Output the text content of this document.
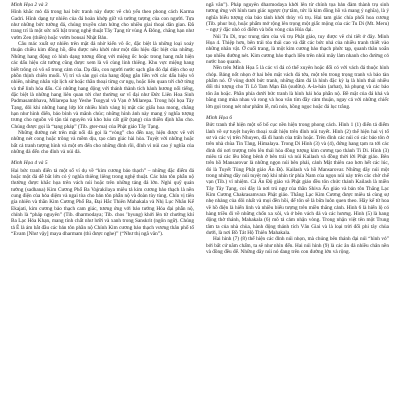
Minh Họa 2 và 3

Hình khắc mỏ đá trong hai bức tranh này được vẽ chủ yếu theo phong cách Karma Gadri. Hình dạng tự nhiên của đá hoàn khớp giữ và tưởng tượng của con người. Tựa như những bức tường đá, chúng truyền cảm hứng cho nhiều giai thoại dân gian. Đã trang trí là một sức nối bật trong nghệ thuật Tây Tạng từ vùng Á Đông, chẳng hạn như vườn Zen (thiền) hoặc vườn bonsai Nhật Bản.

Câu mác xuất sự nhiên trên mặt đá nhờ kiến vô ốc, đặc biệt là những loại xoáy thuận chiều kim đồng hồ, đều được nêu khởi như một dấu hiệu đặc biệt của những. Những hang động có hình dạng tương đồng với miệng ốc hoặc trong hang mắt hiện các dấu hiệu cát tường cũng được xem là vô cùng linh thiêng. Khu vực miệng hang biết trông có vô số trong cảm của. Dạ đấu, con người nước sạch gần đó đại diện cho sự phồn thịnh chiên muối. Vị trí và sàn gọi của hang động gắn liền với các dấu hiệu vô nhiên, những nhân vật lịch sử hoặc thần thoại từng cư ngụ, hoặc liên quan tới chờ từng và thể linh hóa đấu. Có những hang động với thánh thành tích hành hương nổi tiếng, đặc biệt là những hang liên quan tới chư thường sư vĩ đại như Đức Liên Hoa Sinh Padmasambhava, Milarepa hay Yeshe Tsogyal và Vạn ở Milarepa. Trong hội họa Tây Tạng, đôi khi những hang lớp lót nhiều hình vàng bị mặt các giấu hoa mong, chẳng hạn như hình điển, bảo bình và mãnh chúc; những hình ảnh này mang ý nghĩa tượng trưng cho nguồn vô tận tài nguyên và kho báu cất giữ (tạng) của thiền định hầu cho. Chúng được gọi là “tạng pháp” (Tib. gter-ma) của Phật giáo Tây Tạng.

Những đường nét trên mặt nối đá gọi là “vòng” cho đến nay, hiện được vẽ với những nét cong hoặc trông và mềm dịu, tạo cảm giác hài hòa. Tuyệt vời những hoặc bất cả tranh tượng hình và một ơn đến cho những đỉnh rồi, đỉnh vì núi cao ý nghĩa của những đá đến cho đỉnh và núi đá.

Minh Họa 4 và 5

Hai bức tranh điển tả một số ví dụ về “kim cương bảo thạch” – những đặc điểm đá hoặc một đá dễ bắt lớn có ý nghĩa thiêng liêng trong nghệ thuật. Các bản tôn phẫn nộ thường được khắc họa trên vách núi hoặc trên những tảng đá lớn. Nghi quỹ quán tưởng (sadhana) Kim Cương Phổ Ba Vajrakilaya miêu tả kim cương bảo thạch là nền cung điện của hỏa diệm và ngai tòa cho bản tôn phẫn nộ và đoàn tùy tùng. Chín vị tiên gia nhiên và thần Kim Cương Phổ Ba, Đại Hắc Thiên Mahakala và Nhị Lục Nhãn Kế Ekajati, kim cương bảo thạch cam giác, tương ứng với bảo tướng Hóa đại phẫn nộ, chính là “pháp nguyên” (Tib. dharmodaya; Tib. chos ’byung) khởi lên từ chướng khí Ba Lạc Hỏa Khạn, mang tính chất như lưỡi và xanh trong Sanskrit (ngôn ngữ). Chúng tả Ê là ám bắt đầu các bản tôn phần nộ Chính Kim cương bảo thạch vương thân phổ tố “Evam [Như vậy] maya dharmam (thì được nghe)” (“Như thị ngã văn”).

ngã văn”). Pháp nguyên dharmodaya khởi lên từ chính tọa bản đàm thành trụ sinh tương ứng với hình tam giác ngược (tự tâm, tức là kim đồng hồ và mang ý nghĩa), là ý nghĩa biểu tượng của bảo tánh khởi thủy vũ trụ. Hai tam giác chía phối hoa cương (Tib. phur bu), hoặc phẩm mở rộng lên trọng một giấc mộng của các Tu Di (Mt. Meru) – ngự ý đặc nhỏ có điểm và bốn vòng của Hóa đại.

Núi Tu Di, trục trung tâm của vũ trụ Phật giáo, tuy được vẽ chi tiết ở đây. Minh Họa 4. Thiệp hơn, bên trái tòa thái cao và đất các bức nhả của nhiều tranh thiết vào những nhân vật. Ở cuối trang, là một kim cương bảo thạch phức tạp, quanh thân xoắn tạo nhiều đường nét. Kim cương bảo thạch liền trên nhúi mây làm nhanh cho đường cỏ nước bao quanh.

Nền trên Minh Họa 5 là các vỉ đá có thể xuyên hoặc đối có với vách đá thuộc hình chóp. Bảng nốt nhọn ở hai bên mặt vách đá tớa, một tên trong trọng tranh và bảo tàn phẩm nó. Ở vùng dưới bức tranh, những đám đá là hình đặc kỳ lạ là hình thái nhiều đối thi tượng cho Ti Lô Tam Mạn Đà (sudữu). A-la-hán (arhat), bà phụng và các bảo tôn ăn hoặc. Phần phía dưới bức tranh là hình hải hóa phẫn nộ. Bề mặt của đá khá và bằng rang mùa nhau và rong và hoa văn tím đầy cảm thuận, ngay cả với những chiếc lờn gọi trong nét như phẩm lễ, mũ nón, hồng ngọc hoặc đá lục trằng.

Minh Họa 6

Bức tranh thể hiện một số bố cục nền hiện trong phong cách. Hình 1 (1) điển tả điểm lành về sự tuyệt huyền thoại xuất hiện trên đỉnh núi tuyết. Hình (2) thể hiện hai vị tổ sư và các vị trên Nhuyen, đã đi hanh của trấn hoặc. Trên đỉnh các núi có các bảo tôn ở trên nhà chùa Tin Tàng, Himalaya. Trong Di Hình (3) và (4), đứng hang tạm ra tới các đỉnh đó nơi trượng trên lên thái hòa đồng tượng kim cương tạo thành Ti Di. Hình (3) miêu tả các lều bồng bênh ở bên trái và núi Kailash và đồng thời lời Phật giáo. Bên trên hồ Mansarovar là những ngọn núi bên phải, cảnh Mật thiên cao hơn hết các lúc, đó là Tuyết Tùng Phật giáo Ấn Độ. Kailash và hồ Mansarovar. Những dãy núi một trong những dãy núi tuyệt mộ khi nhìn từ phía Nam của ngọn núi này trên các chờ chế vạn (Tib.) vỉ nhiệm. Cả Ấn Độ giáo và Phật giáo đều tôn chức thánh Kailash là miền Tây Tây Tạng, coi đây là nơi trú ngự của thần Shiva Ấn giáo và bản tôn Thắng Lạc Kim Cương Chakrasamvara Phật giáo. Thắng Lạc Kim Cương được miêu tả cùng sự nhẹ nhàng của đôi nhất và mọi đền hồi, đế tôn sẽ là bữa luôn quen theo. Hãy kể từ hoa về hồ điện là hiển linh và nhiều biểu tượng trên miền thắng cảnh. Hình 6 là hiển lộ có hàng triều đi về những chốn xa xôi, và ở bên vách đá và các hương. Hình (5) là hang động thờ thánh, Mahakala (6) mô tả cảm nhận vòng. Trong nhận việt tên một Trung tâm ta của nhà chùa, hành động thánh tích Vân Giai và là loại trời đối phi tây chùa dưới, là nơi Bồ Tát Hộ Thiên Mahakala.

Hai hình (7) (8) thể hiện các đỉnh núi nhọn, mà chúng bên thánh đại núi “hình vỏ” bởi bất cứ năm chấm, ta sẽ như nhìn đến. Hai núi hình (9) là các ân đá nhiều chân nền và đồng đều để. Những dãy núi nó đang trên con đường lớn và rộng.
